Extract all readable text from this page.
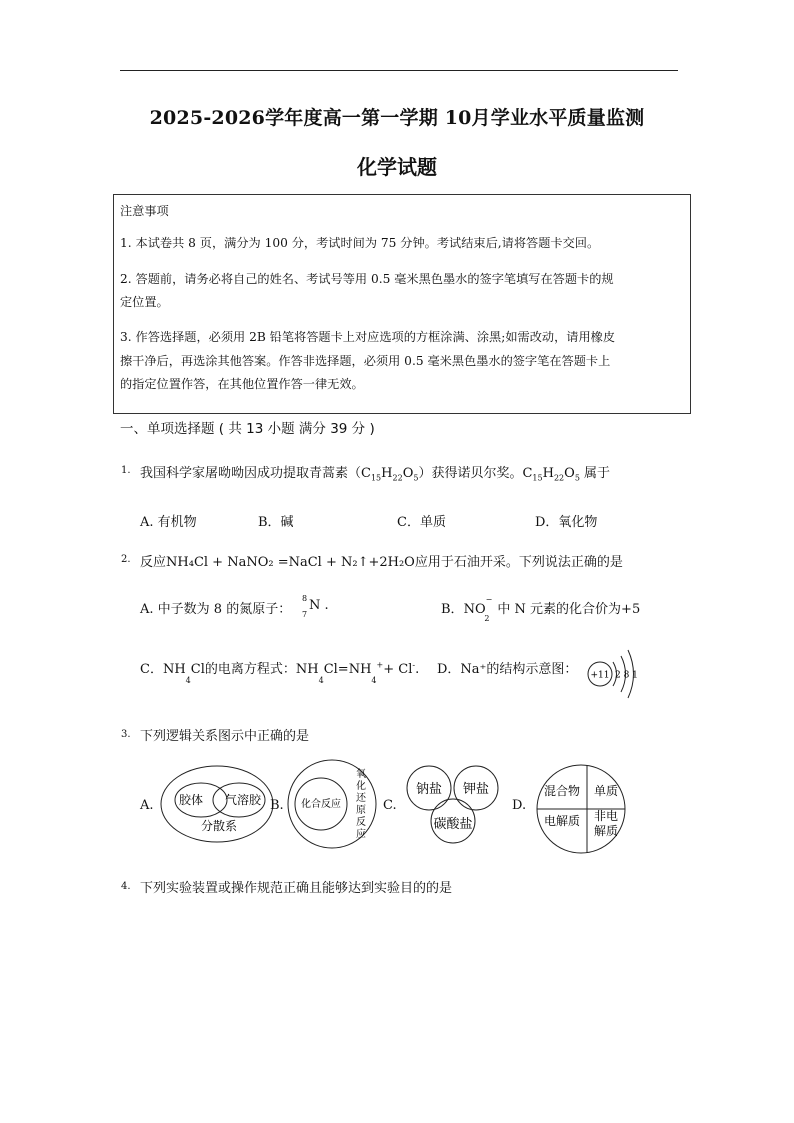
2025-2026学年度高一第一学期 10月学业水平质量监测
化学试题
注意事项
1. 本试卷共 8 页，满分为 100 分，考试时间为 75 分钟。考试结束后,请将答题卡交回。
2. 答题前，请务必将自己的姓名、考试号等用 0.5 毫米黑色墨水的签字笔填写在答题卡的规
定位置。
3. 作答选择题，必须用 2B 铅笔将答题卡上对应选项的方框涂满、涂黑;如需改动，请用橡皮
擦干净后，再选涂其他答案。作答非选择题，必须用 0.5 毫米黑色墨水的签字笔在答题卡上
的指定位置作答，在其他位置作答一律无效。
一、单项选择题 ( 共 13 小题 满分 39 分 )
1. 我国科学家屠呦呦因成功提取青蒿素$(C_{15}H_{22}O_5)$获得诺贝尔奖。$C_{15}H_{22}O_5$ 属于
A. 有机物	B．碱	C．单质	D．氧化物
2. 反应NH₄Cl + NaNO₂ =NaCl + N₂↑+2H₂O应用于石油开采。下列说法正确的是
A. 中子数为 8 的氮原子：
8
7
N .	B．$NO^-_2$中 N 元素的化合价为+5
C．$NH_4Cl$的电离方程式：$NH_4Cl=NH_4^++ Cl^-$. D．Na⁺的结构示意图： +11 2 8 1
3. 下列逻辑关系图示中正确的是
A. 胶体 气溶胶
分散系
B. 化合反应
氧
化
还
原
反
应
C.
钠盐 钾盐
碳酸盐
D.
混合物 单质
电解质 非电
解质
4. 下列实验装置或操作规范正确且能够达到实验目的的是
